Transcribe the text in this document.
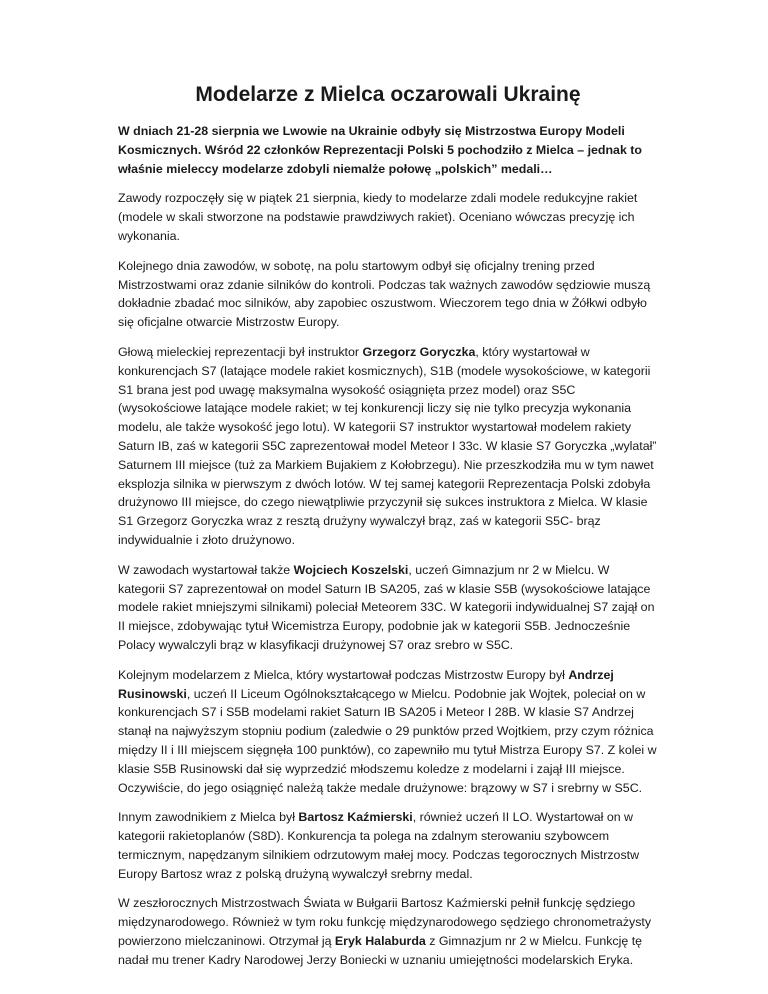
Modelarze z Mielca oczarowali Ukrainę

W dniach 21-28 sierpnia we Lwowie na Ukrainie odbyły się Mistrzostwa Europy Modeli Kosmicznych. Wśród 22 członków Reprezentacji Polski 5 pochodziło z Mielca – jednak to właśnie mieleccy modelarze zdobyli niemalże połowę „polskich” medali…

Zawody rozpoczęły się w piątek 21 sierpnia, kiedy to modelarze zdali modele redukcyjne rakiet (modele w skali stworzone na podstawie prawdziwych rakiet). Oceniano wówczas precyzję ich wykonania.

Kolejnego dnia zawodów, w sobotę, na polu startowym odbył się oficjalny trening przed Mistrzostwami oraz zdanie silników do kontroli. Podczas tak ważnych zawodów sędziowie muszą dokładnie zbadać moc silników, aby zapobiec oszustwom. Wieczorem tego dnia w Żółkwi odbyło się oficjalne otwarcie Mistrzostw Europy.

Głową mieleckiej reprezentacji był instruktor Grzegorz Goryczka, który wystartował w konkurencjach S7 (latające modele rakiet kosmicznych), S1B (modele wysokościowe, w kategorii S1 brana jest pod uwagę maksymalna wysokość osiągnięta przez model) oraz S5C (wysokościowe latające modele rakiet; w tej konkurencji liczy się nie tylko precyzja wykonania modelu, ale także wysokość jego lotu). W kategorii S7 instruktor wystartował modelem rakiety Saturn IB, zaś w kategorii S5C zaprezentował model Meteor I 33c. W klasie S7 Goryczka „wylatał” Saturnem III miejsce (tuż za Markiem Bujakiem z Kołobrzegu). Nie przeszkodziła mu w tym nawet eksplozja silnika w pierwszym z dwóch lotów. W tej samej kategorii Reprezentacja Polski zdobyła drużynowo III miejsce, do czego niewątpliwie przyczynił się sukces instruktora z Mielca. W klasie S1 Grzegorz Goryczka wraz z resztą drużyny wywalczył brąz, zaś w kategorii S5C- brąz indywidualnie i złoto drużynowo.

W zawodach wystartował także Wojciech Koszelski, uczeń Gimnazjum nr 2 w Mielcu. W kategorii S7 zaprezentował on model Saturn IB SA205, zaś w klasie S5B (wysokościowe latające modele rakiet mniejszymi silnikami) poleciał Meteorem 33C. W kategorii indywidualnej S7 zajął on II miejsce, zdobywając tytuł Wicemistrza Europy, podobnie jak w kategorii S5B. Jednocześnie Polacy wywalczyli brąz w klasyfikacji drużynowej S7 oraz srebro w S5C.

Kolejnym modelarzem z Mielca, który wystartował podczas Mistrzostw Europy był Andrzej Rusinowski, uczeń II Liceum Ogólnokształcącego w Mielcu. Podobnie jak Wojtek, poleciał on w konkurencjach S7 i S5B modelami rakiet Saturn IB SA205 i Meteor I 28B. W klasie S7 Andrzej stanął na najwyższym stopniu podium (zaledwie o 29 punktów przed Wojtkiem, przy czym różnica między II i III miejscem sięgnęła 100 punktów), co zapewniło mu tytuł Mistrza Europy S7. Z kolei w klasie S5B Rusinowski dał się wyprzedzić młodszemu koledze z modelarni i zajął III miejsce. Oczywiście, do jego osiągnięć należą także medale drużynowe: brązowy w S7 i srebrny w S5C.

Innym zawodnikiem z Mielca był Bartosz Kaźmierski, również uczeń II LO. Wystartował on w kategorii rakietoplanów (S8D). Konkurencja ta polega na zdalnym sterowaniu szybowcem termicznym, napędzanym silnikiem odrzutowym małej mocy. Podczas tegorocznych Mistrzostw Europy Bartosz wraz z polską drużyną wywalczył srebrny medal.

W zeszłorocznych Mistrzostwach Świata w Bułgarii Bartosz Kaźmierski pełnił funkcję sędziego międzynarodowego. Również w tym roku funkcję międzynarodowego sędziego chronometrażysty powierzono mielczaninowi. Otrzymał ją Eryk Halaburda z Gimnazjum nr 2 w Mielcu. Funkcję tę nadał mu trener Kadry Narodowej Jerzy Boniecki w uznaniu umiejętności modelarskich Eryka.
